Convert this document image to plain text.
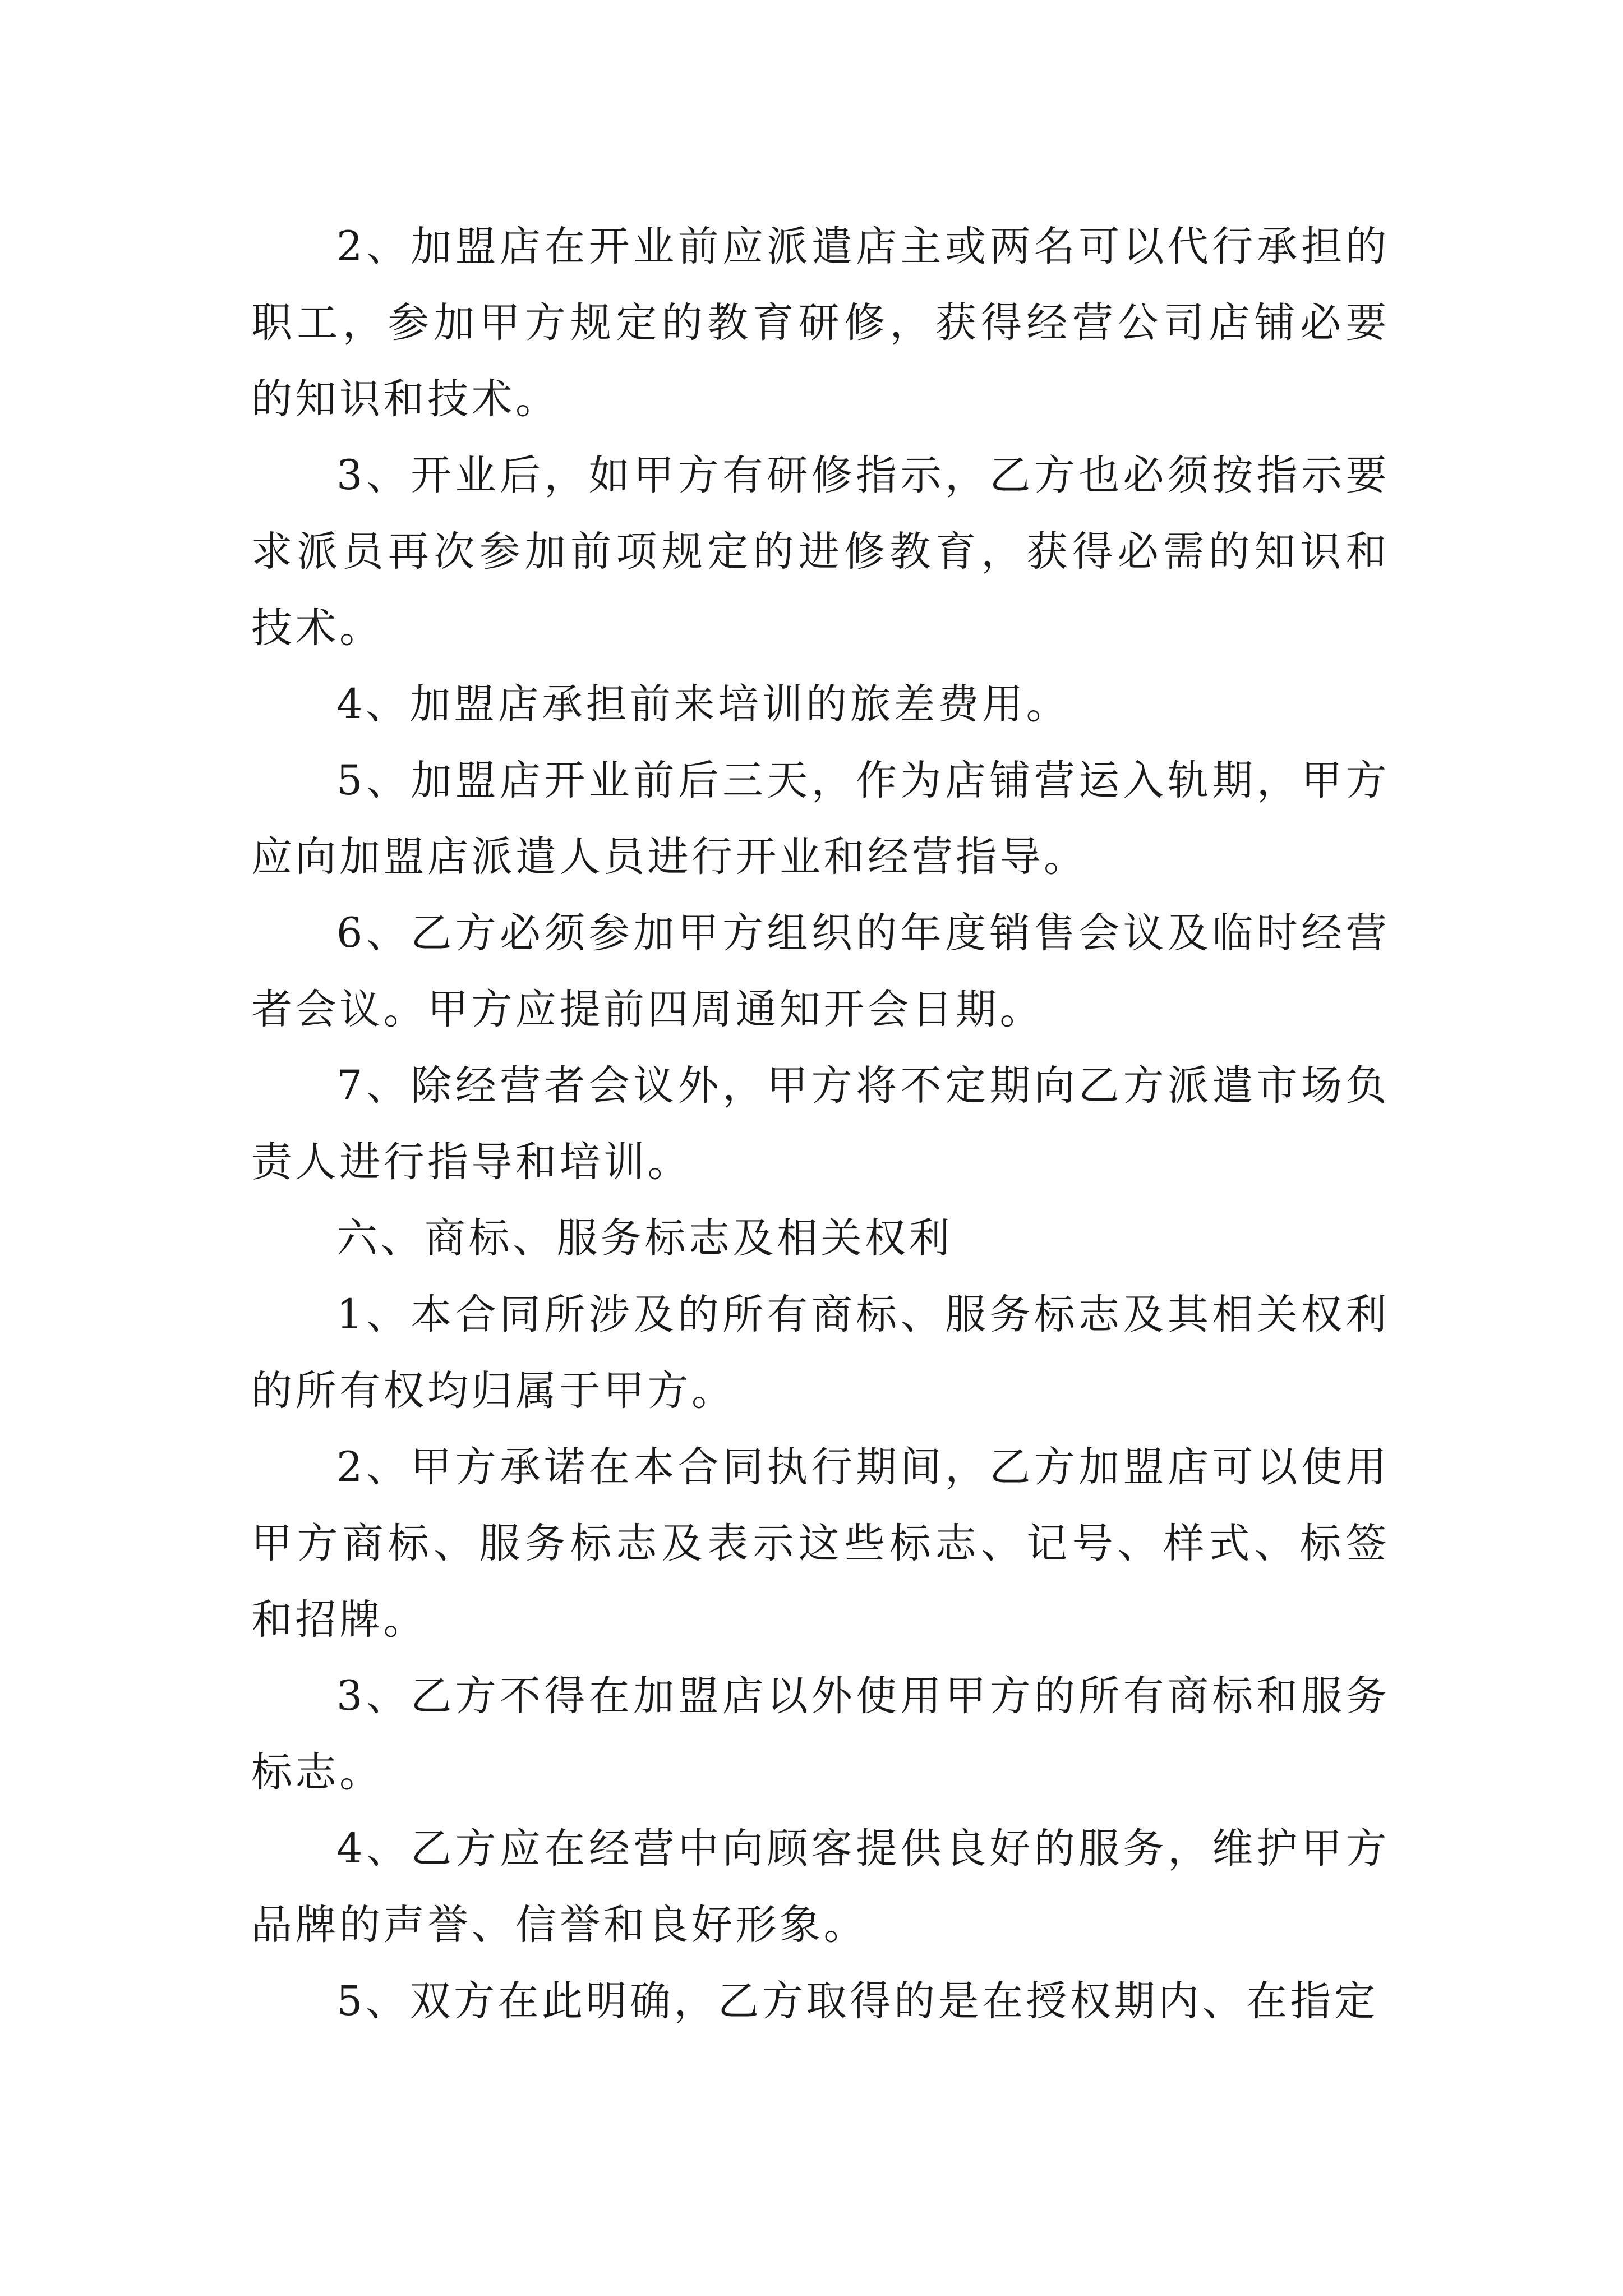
2、加盟店在开业前应派遣店主或两名可以代行承担的职工，参加甲方规定的教育研修，获得经营公司店铺必要的知识和技术。

3、开业后，如甲方有研修指示，乙方也必须按指示要求派员再次参加前项规定的进修教育，获得必需的知识和技术。

4、加盟店承担前来培训的旅差费用。

5、加盟店开业前后三天，作为店铺营运入轨期，甲方应向加盟店派遣人员进行开业和经营指导。

6、乙方必须参加甲方组织的年度销售会议及临时经营者会议。甲方应提前四周通知开会日期。

7、除经营者会议外，甲方将不定期向乙方派遣市场负责人进行指导和培训。

六、商标、服务标志及相关权利

1、本合同所涉及的所有商标、服务标志及其相关权利的所有权均归属于甲方。

2、甲方承诺在本合同执行期间，乙方加盟店可以使用甲方商标、服务标志及表示这些标志、记号、样式、标签和招牌。

3、乙方不得在加盟店以外使用甲方的所有商标和服务标志。

4、乙方应在经营中向顾客提供良好的服务，维护甲方品牌的声誉、信誉和良好形象。

5、双方在此明确，乙方取得的是在授权期内、在指定
